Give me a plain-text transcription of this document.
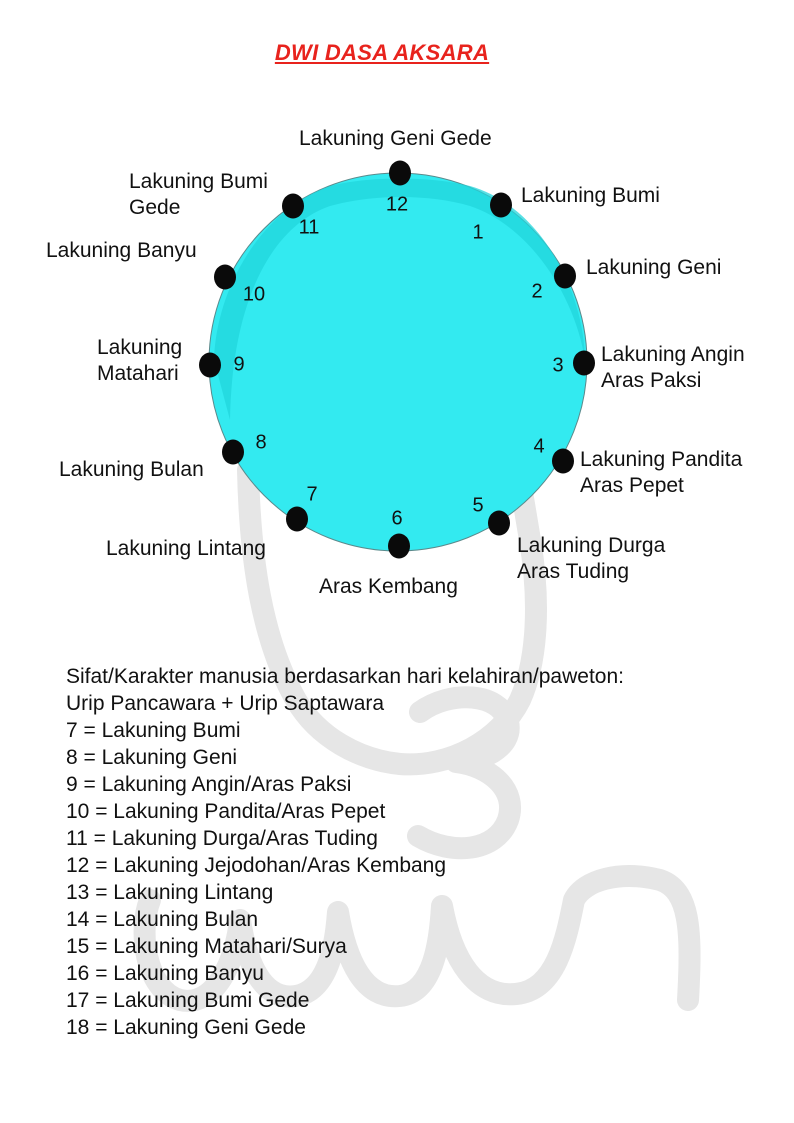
DWI DASA AKSARA
1
Lakuning Bumi
2
Lakuning Geni
3 Lakuning Angin
Aras Paksi
4
Lakuning Pandita
Aras Pepet
5
Lakuning Durga
Aras Tuding
6
Aras Kembang
7
Lakuning Lintang
8
Lakuning Bulan
9
Lakuning
Matahari
10
Lakuning Banyu
11
Lakuning Bumi
Gede	12
Lakuning Geni Gede
Sifat/Karakter manusia berdasarkan hari kelahiran/paweton:
Urip Pancawara + Urip Saptawara
7 = Lakuning Bumi
8 = Lakuning Geni
9 = Lakuning Angin/Aras Paksi
10 = Lakuning Pandita/Aras Pepet
11 = Lakuning Durga/Aras Tuding
12 = Lakuning Jejodohan/Aras Kembang
13 = Lakuning Lintang
14 = Lakuning Bulan
15 = Lakuning Matahari/Surya
16 = Lakuning Banyu
17 = Lakuning Bumi Gede
18 = Lakuning Geni Gede
